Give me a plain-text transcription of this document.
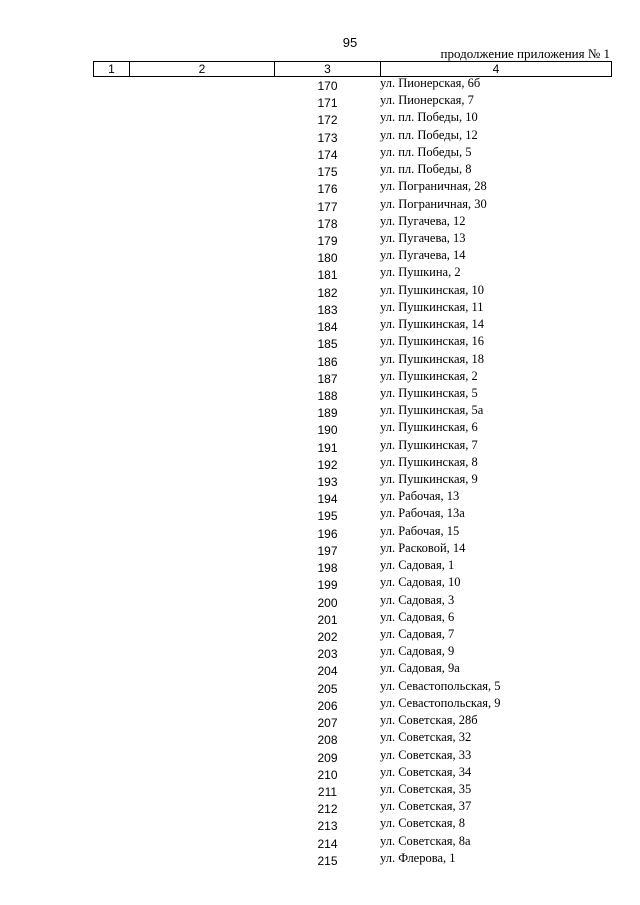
95
продолжение приложения № 1
1	2	3	4
170	ул. Пионерская, 6б
171	ул. Пионерская, 7
172	ул. пл. Победы, 10
173	ул. пл. Победы, 12
174	ул. пл. Победы, 5
175	ул. пл. Победы, 8
176	ул. Пограничная, 28
177	ул. Пограничная, 30
178	ул. Пугачева, 12
179	ул. Пугачева, 13
180	ул. Пугачева, 14
181	ул. Пушкина, 2
182	ул. Пушкинская, 10
183	ул. Пушкинская, 11
184	ул. Пушкинская, 14
185	ул. Пушкинская, 16
186	ул. Пушкинская, 18
187	ул. Пушкинская, 2
188	ул. Пушкинская, 5
189	ул. Пушкинская, 5а
190	ул. Пушкинская, 6
191	ул. Пушкинская, 7
192	ул. Пушкинская, 8
193	ул. Пушкинская, 9
194	ул. Рабочая, 13
195	ул. Рабочая, 13а
196	ул. Рабочая, 15
197	ул. Расковой, 14
198	ул. Садовая, 1
199	ул. Садовая, 10
200	ул. Садовая, 3
201	ул. Садовая, 6
202	ул. Садовая, 7
203	ул. Садовая, 9
204	ул. Садовая, 9а
205	ул. Севастопольская, 5
206	ул. Севастопольская, 9
207	ул. Советская, 28б
208	ул. Советская, 32
209	ул. Советская, 33
210	ул. Советская, 34
211	ул. Советская, 35
212	ул. Советская, 37
213	ул. Советская, 8
214	ул. Советская, 8а
215	ул. Флерова, 1
